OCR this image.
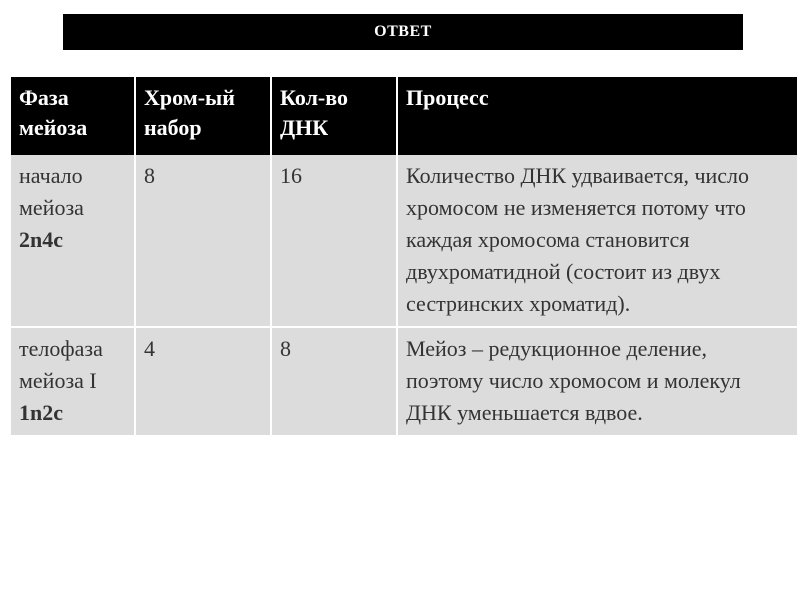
ОТВЕТ
Фаза мейоза	Хром-ый набор	Кол-во ДНК	Процесс

начало мейоза
2n4c	8	16	Количество ДНК удваивается, число хромосом не изменяется потому что каждая хромосома становится двухроматидной (состоит из двух сестринских хроматид).

телофаза мейоза I
1n2c	4	8	Мейоз – редукционное деление, поэтому число хромосом и молекул ДНК уменьшается вдвое.
